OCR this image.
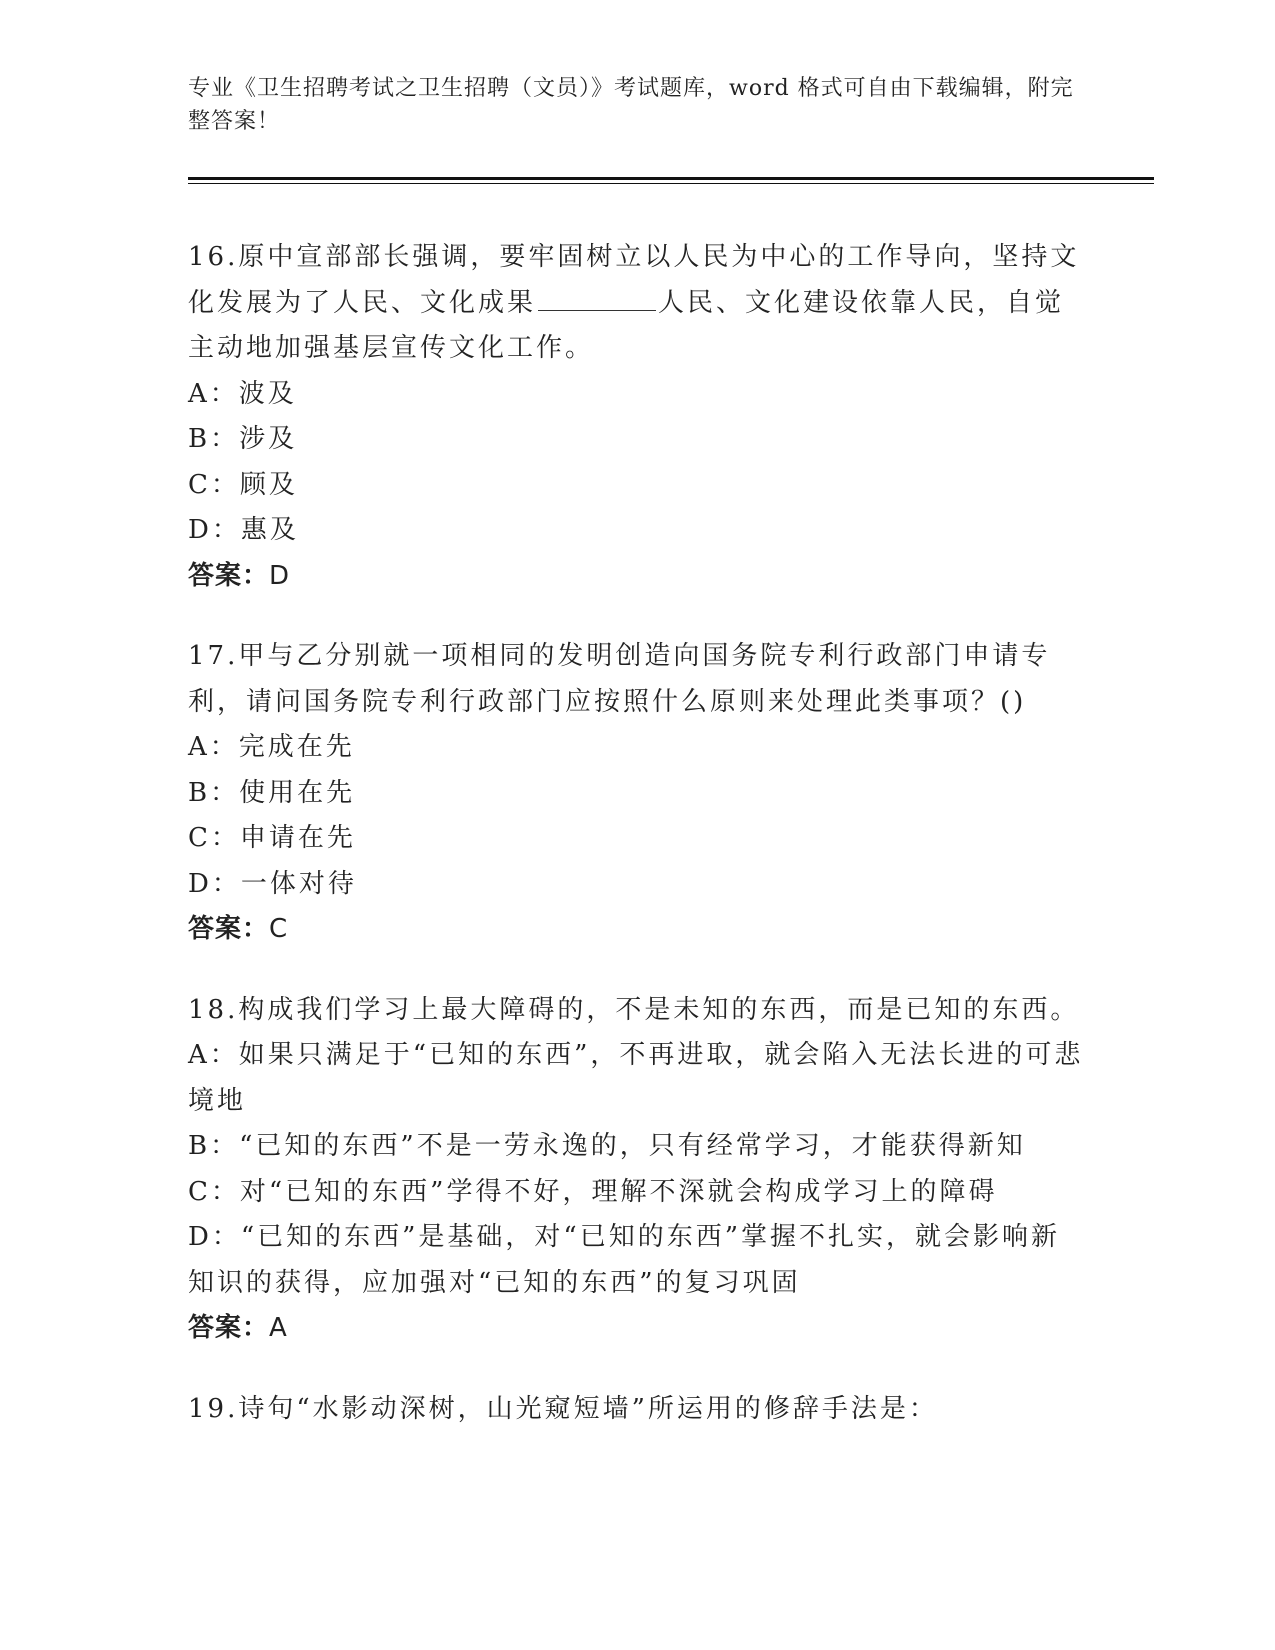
专业《卫生招聘考试之卫生招聘（文员）》考试题库，word 格式可自由下载编辑，附完整答案！
16.原中宣部部长强调，要牢固树立以人民为中心的工作导向，坚持文化发展为了人民、文化成果	人民、文化建设依靠人民，自觉主动地加强基层宣传文化工作。
A：波及
B：涉及
C：顾及
D：惠及
答案：D
17.甲与乙分别就一项相同的发明创造向国务院专利行政部门申请专利，请问国务院专利行政部门应按照什么原则来处理此类事项？()
A：完成在先
B：使用在先
C：申请在先
D：一体对待
答案：C
18.构成我们学习上最大障碍的，不是未知的东西，而是已知的东西。
A：如果只满足于“已知的东西”，不再进取，就会陷入无法长进的可悲境地
B：“已知的东西”不是一劳永逸的，只有经常学习，才能获得新知
C：对“已知的东西”学得不好，理解不深就会构成学习上的障碍
D：“已知的东西”是基础，对“已知的东西”掌握不扎实，就会影响新知识的获得，应加强对“已知的东西”的复习巩固
答案：A
19.诗句“水影动深树，山光窥短墙”所运用的修辞手法是：
